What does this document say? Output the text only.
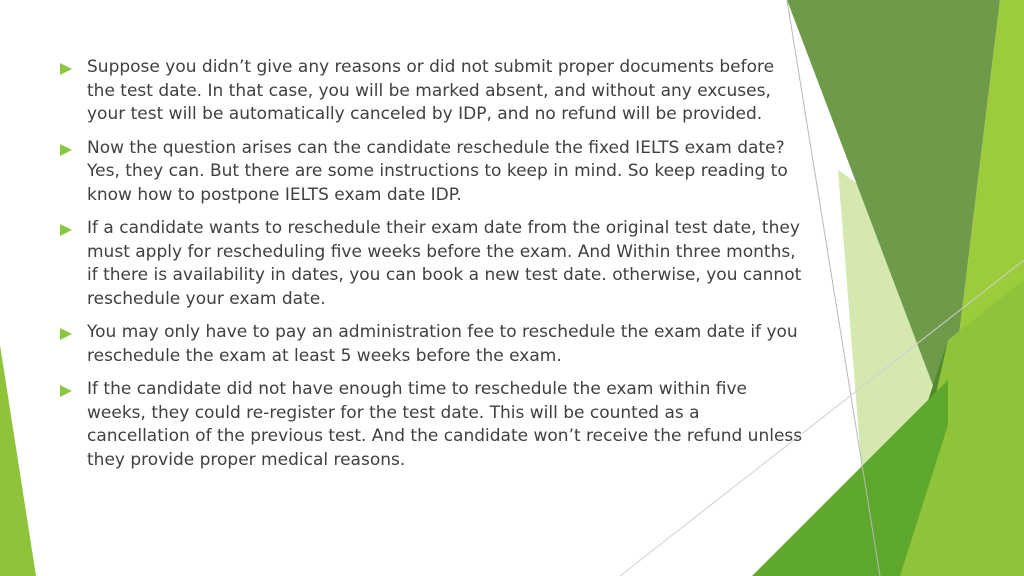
Suppose you didn’t give any reasons or did not submit proper documents before the test date. In that case, you will be marked absent, and without any excuses, your test will be automatically canceled by IDP, and no refund will be provided.
Now the question arises can the candidate reschedule the fixed IELTS exam date? Yes, they can. But there are some instructions to keep in mind. So keep reading to know how to postpone IELTS exam date IDP.
If a candidate wants to reschedule their exam date from the original test date, they must apply for rescheduling five weeks before the exam. And Within three months, if there is availability in dates, you can book a new test date. otherwise, you cannot reschedule your exam date.
You may only have to pay an administration fee to reschedule the exam date if you reschedule the exam at least 5 weeks before the exam.
If the candidate did not have enough time to reschedule the exam within five weeks, they could re-register for the test date. This will be counted as a cancellation of the previous test. And the candidate won’t receive the refund unless they provide proper medical reasons.
